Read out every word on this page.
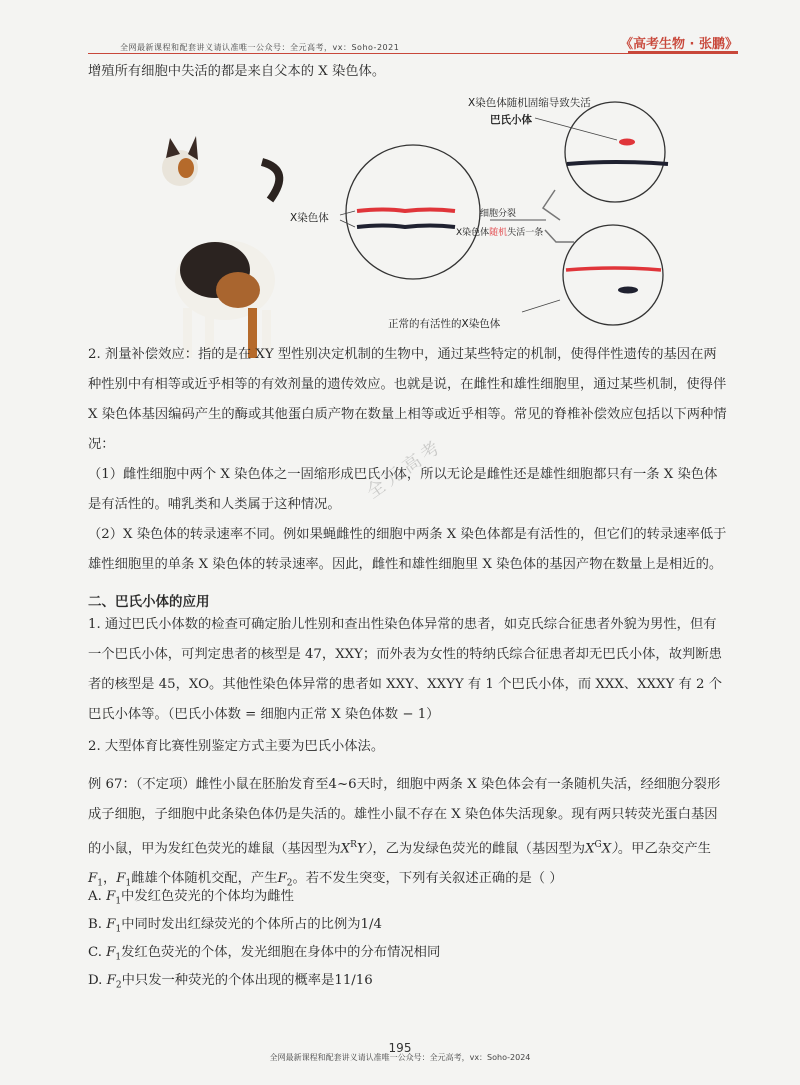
全网最新课程和配套讲义请认准唯一公众号：全元高考，vx：Soho-2021	《高考生物 · 张鹏》
增殖所有细胞中失活的都是来自父本的 X 染色体。
X染色体随机固缩导致失活
巴氏小体
X染色体	细胞分裂
X染色体随机失活一条
正常的有活性的X染色体
2. 剂量补偿效应：指的是在 XY 型性别决定机制的生物中，通过某些特定的机制，使得伴性遗传的基因在两种性别中有相等或近乎相等的有效剂量的遗传效应。也就是说，在雌性和雄性细胞里，通过某些机制，使得伴 X 染色体基因编码产生的酶或其他蛋白质产物在数量上相等或近乎相等。常见的脊椎补偿效应包括以下两种情况：
（1）雌性细胞中两个 X 染色体之一固缩形成巴氏小体，所以无论是雌性还是雄性细胞都只有一条 X 染色体是有活性的。哺乳类和人类属于这种情况。
（2）X 染色体的转录速率不同。例如果蝇雌性的细胞中两条 X 染色体都是有活性的，但它们的转录速率低于雄性细胞里的单条 X 染色体的转录速率。因此，雌性和雄性细胞里 X 染色体的基因产物在数量上是相近的。
二、巴氏小体的应用
1. 通过巴氏小体数的检查可确定胎儿性别和查出性染色体异常的患者，如克氏综合征患者外貌为男性，但有一个巴氏小体，可判定患者的核型是 47，XXY；而外表为女性的特纳氏综合征患者却无巴氏小体，故判断患者的核型是 45，XO。其他性染色体异常的患者如 XXY、XXYY 有 1 个巴氏小体，而 XXX、XXXY 有 2 个巴氏小体等。（巴氏小体数 = 细胞内正常 X 染色体数 − 1）
2. 大型体育比赛性别鉴定方式主要为巴氏小体法。
例 67：（不定项）雌性小鼠在胚胎发育至4~6天时，细胞中两条 X 染色体会有一条随机失活，经细胞分裂形成子细胞，子细胞中此条染色体仍是失活的。雄性小鼠不存在 X 染色体失活现象。现有两只转荧光蛋白基因的小鼠，甲为发红色荧光的雄鼠（基因型为$X^RY$），乙为发绿色荧光的雌鼠（基因型为$X^GX$）。甲乙杂交产生$F_1$，$F_1$雌雄个体随机交配，产生$F_2$。若不发生突变，下列有关叙述正确的是（ ）
A. $F_1$中发红色荧光的个体均为雌性
B. $F_1$中同时发出红绿荧光的个体所占的比例为1/4
C. $F_1$发红色荧光的个体，发光细胞在身体中的分布情况相同
D. $F_2$中只发一种荧光的个体出现的概率是11/16
全元高考
195
全网最新课程和配套讲义请认准唯一公众号：全元高考，vx：Soho-2024
